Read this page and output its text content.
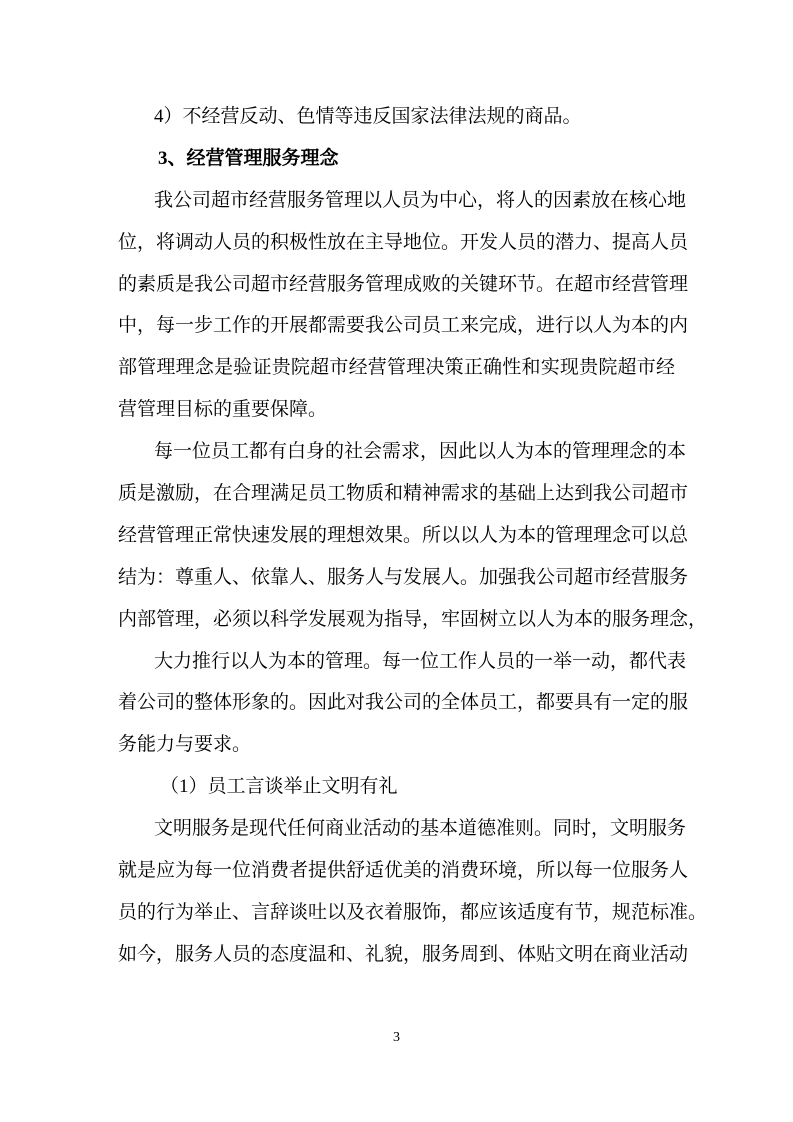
4）不经营反动、色情等违反国家法律法规的商品。
3、经营管理服务理念
我公司超市经营服务管理以人员为中心，将人的因素放在核心地
位，将调动人员的积极性放在主导地位。开发人员的潜力、提高人员
的素质是我公司超市经营服务管理成败的关键环节。在超市经营管理
中，每一步工作的开展都需要我公司员工来完成，进行以人为本的内
部管理理念是验证贵院超市经营管理决策正确性和实现贵院超市经
营管理目标的重要保障。
每一位员工都有白身的社会需求，因此以人为本的管理理念的本
质是激励，在合理满足员工物质和精神需求的基础上达到我公司超市
经营管理正常快速发展的理想效果。所以以人为本的管理理念可以总
结为：尊重人、依靠人、服务人与发展人。加强我公司超市经营服务
内部管理，必须以科学发展观为指导，牢固树立以人为本的服务理念，
大力推行以人为本的管理。每一位工作人员的一举一动，都代表
着公司的整体形象的。因此对我公司的全体员工，都要具有一定的服
务能力与要求。
（1）员工言谈举止文明有礼
文明服务是现代任何商业活动的基本道德准则。同时，文明服务
就是应为每一位消费者提供舒适优美的消费环境，所以每一位服务人
员的行为举止、言辞谈吐以及衣着服饰，都应该适度有节，规范标准。
如今，服务人员的态度温和、礼貌，服务周到、体贴文明在商业活动
3
